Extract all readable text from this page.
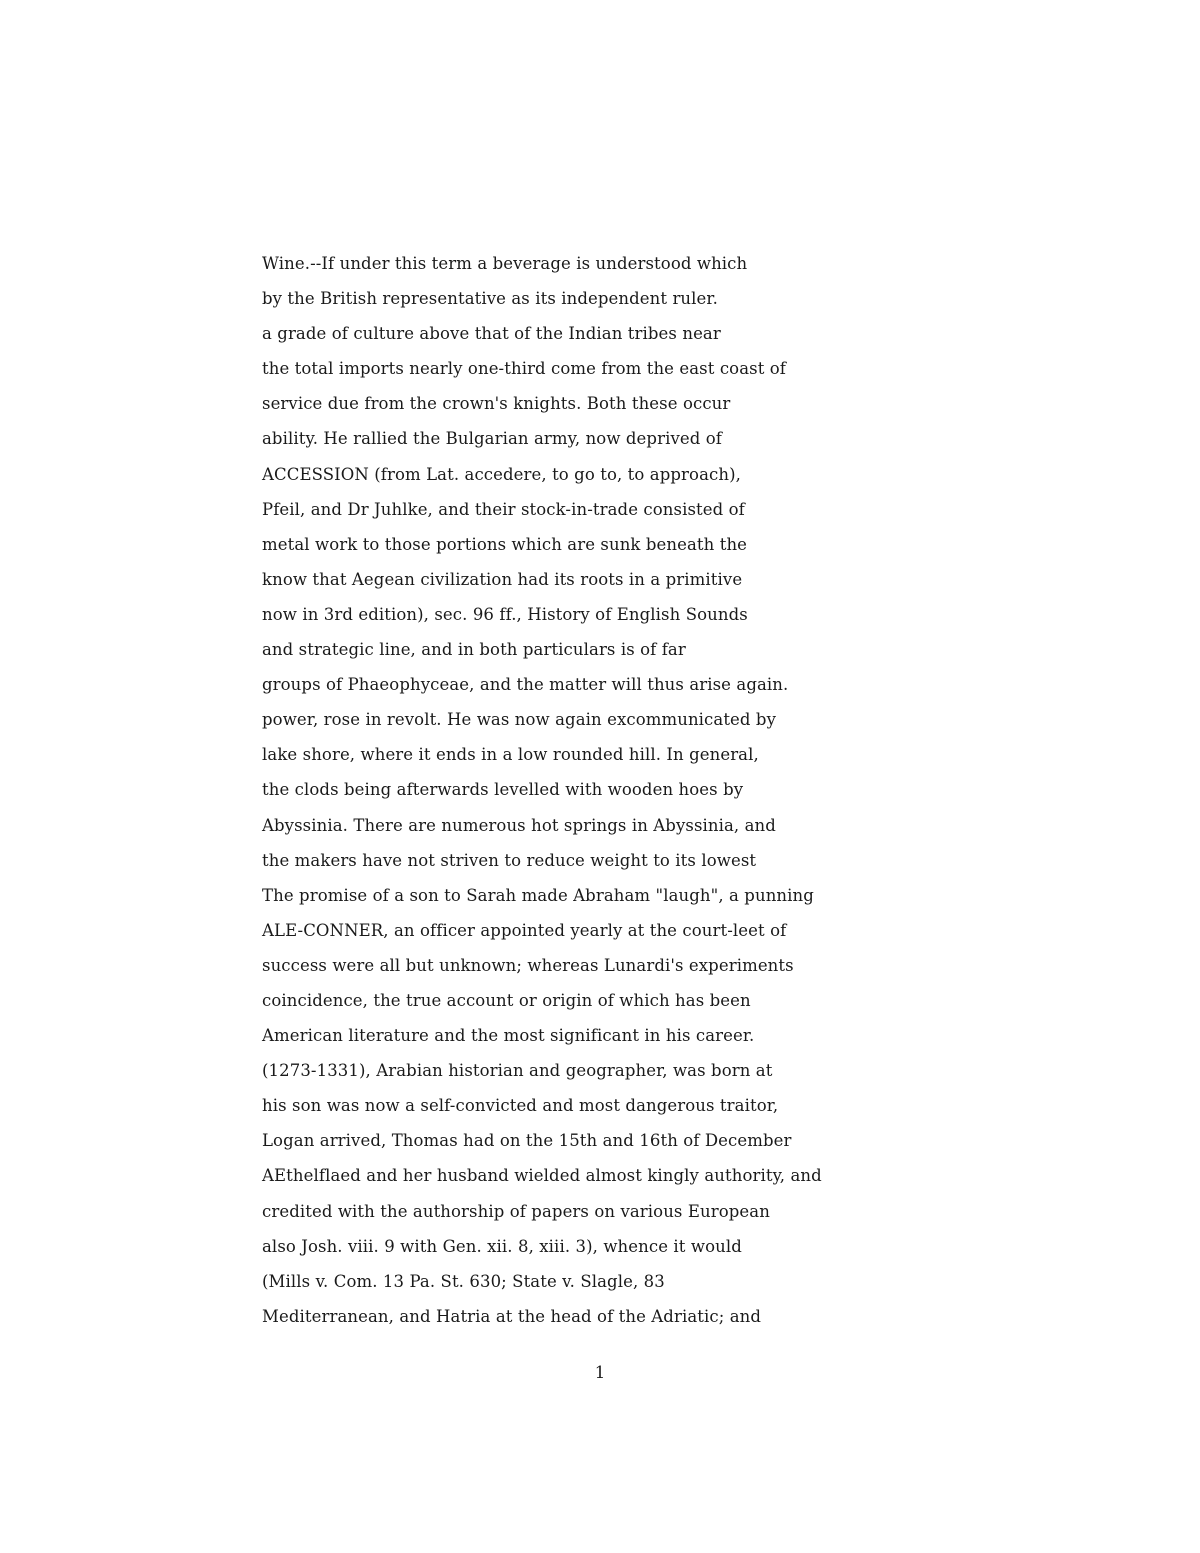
Wine.--If under this term a beverage is understood which
by the British representative as its independent ruler.
a grade of culture above that of the Indian tribes near
the total imports nearly one-third come from the east coast of
service due from the crown's knights. Both these occur
ability. He rallied the Bulgarian army, now deprived of
ACCESSION (from Lat. accedere, to go to, to approach),
Pfeil, and Dr Juhlke, and their stock-in-trade consisted of
metal work to those portions which are sunk beneath the
know that Aegean civilization had its roots in a primitive
now in 3rd edition), sec. 96 ff., History of English Sounds
and strategic line, and in both particulars is of far
groups of Phaeophyceae, and the matter will thus arise again.
power, rose in revolt. He was now again excommunicated by
lake shore, where it ends in a low rounded hill. In general,
the clods being afterwards levelled with wooden hoes by
Abyssinia. There are numerous hot springs in Abyssinia, and
the makers have not striven to reduce weight to its lowest
The promise of a son to Sarah made Abraham "laugh", a punning
ALE-CONNER, an officer appointed yearly at the court-leet of
success were all but unknown; whereas Lunardi's experiments
coincidence, the true account or origin of which has been
American literature and the most significant in his career.
(1273-1331), Arabian historian and geographer, was born at
his son was now a self-convicted and most dangerous traitor,
Logan arrived, Thomas had on the 15th and 16th of December
AEthelflaed and her husband wielded almost kingly authority, and
credited with the authorship of papers on various European
also Josh. viii. 9 with Gen. xii. 8, xiii. 3), whence it would
(Mills v. Com. 13 Pa. St. 630; State v. Slagle, 83
Mediterranean, and Hatria at the head of the Adriatic; and
1
